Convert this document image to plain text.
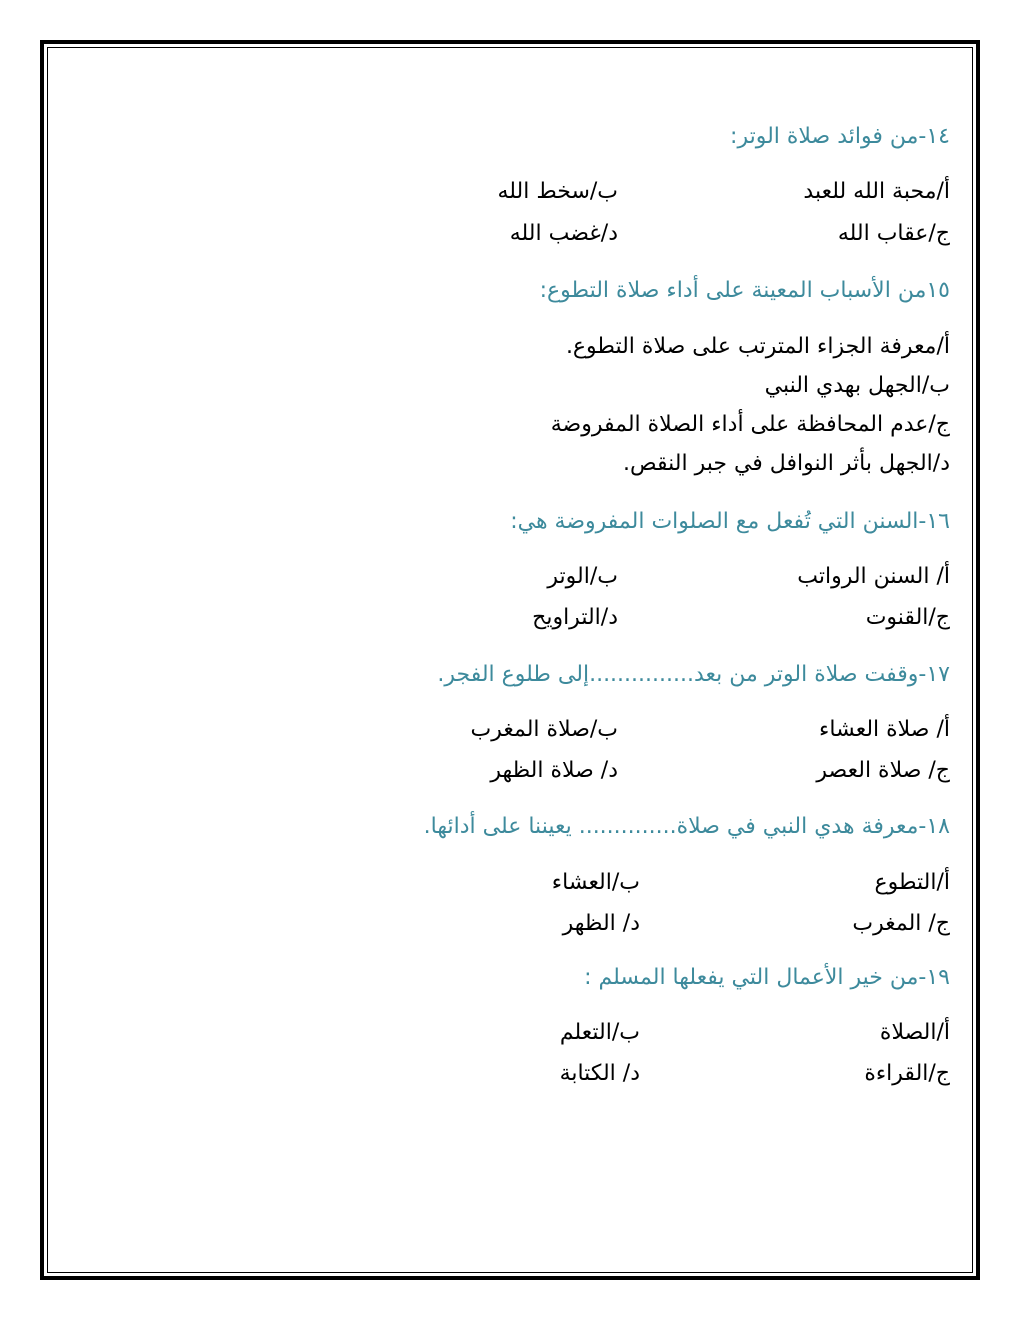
١٤-من فوائد صلاة الوتر:
أ/محبة الله للعبد
ب/سخط الله
ج/عقاب الله
د/غضب الله
١٥من الأسباب المعينة على أداء صلاة التطوع:
أ/معرفة الجزاء المترتب على صلاة التطوع.
ب/الجهل بهدي النبي
ج/عدم المحافظة على أداء الصلاة المفروضة
د/الجهل بأثر النوافل في جبر النقص.
١٦-السنن التي تُفعل مع الصلوات المفروضة هي:
أ/ السنن الرواتب
ب/الوتر
ج/القنوت
د/التراويح
١٧-وقفت صلاة الوتر من بعد...............إلى طلوع الفجر.
أ/ صلاة العشاء
ب/صلاة المغرب
ج/ صلاة العصر
د/ صلاة الظهر
١٨-معرفة هدي النبي في صلاة.............. يعيننا على أدائها.
أ/التطوع
ب/العشاء
ج/ المغرب
د/ الظهر
١٩-من خير الأعمال التي يفعلها المسلم :
أ/الصلاة
ب/التعلم
ج/القراءة
د/ الكتابة
